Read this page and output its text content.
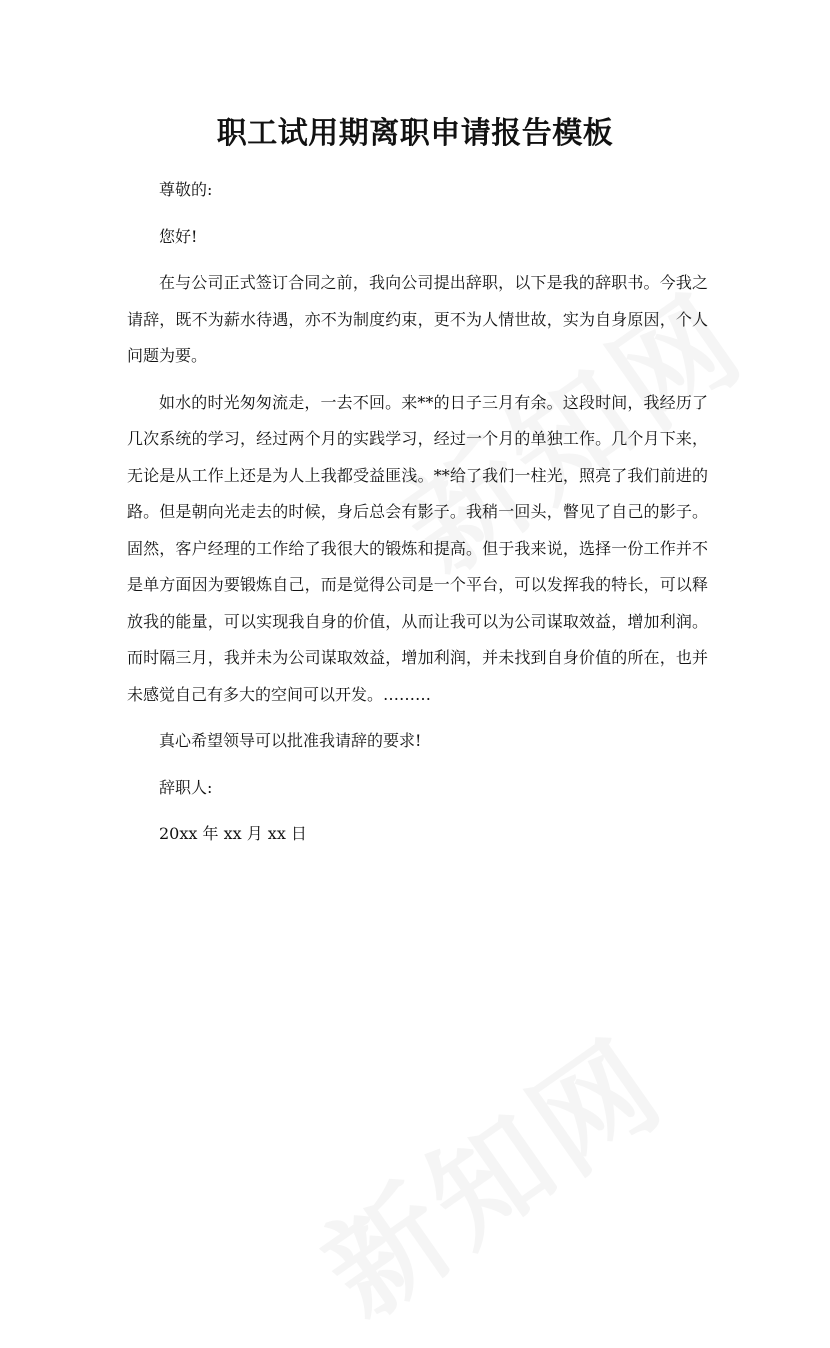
职工试用期离职申请报告模板

尊敬的:

您好!

在与公司正式签订合同之前，我向公司提出辞职，以下是我的辞职书。今我之请辞，既不为薪水待遇，亦不为制度约束，更不为人情世故，实为自身原因，个人问题为要。

如水的时光匆匆流走，一去不回。来**的日子三月有余。这段时间，我经历了几次系统的学习，经过两个月的实践学习，经过一个月的单独工作。几个月下来，无论是从工作上还是为人上我都受益匪浅。**给了我们一柱光，照亮了我们前进的路。但是朝向光走去的时候，身后总会有影子。我稍一回头，瞥见了自己的影子。固然，客户经理的工作给了我很大的锻炼和提高。但于我来说，选择一份工作并不是单方面因为要锻炼自己，而是觉得公司是一个平台，可以发挥我的特长，可以释放我的能量，可以实现我自身的价值，从而让我可以为公司谋取效益，增加利润。而时隔三月，我并未为公司谋取效益，增加利润，并未找到自身价值的所在，也并未感觉自己有多大的空间可以开发。………

真心希望领导可以批准我请辞的要求!

辞职人:

20xx 年 xx 月 xx 日
